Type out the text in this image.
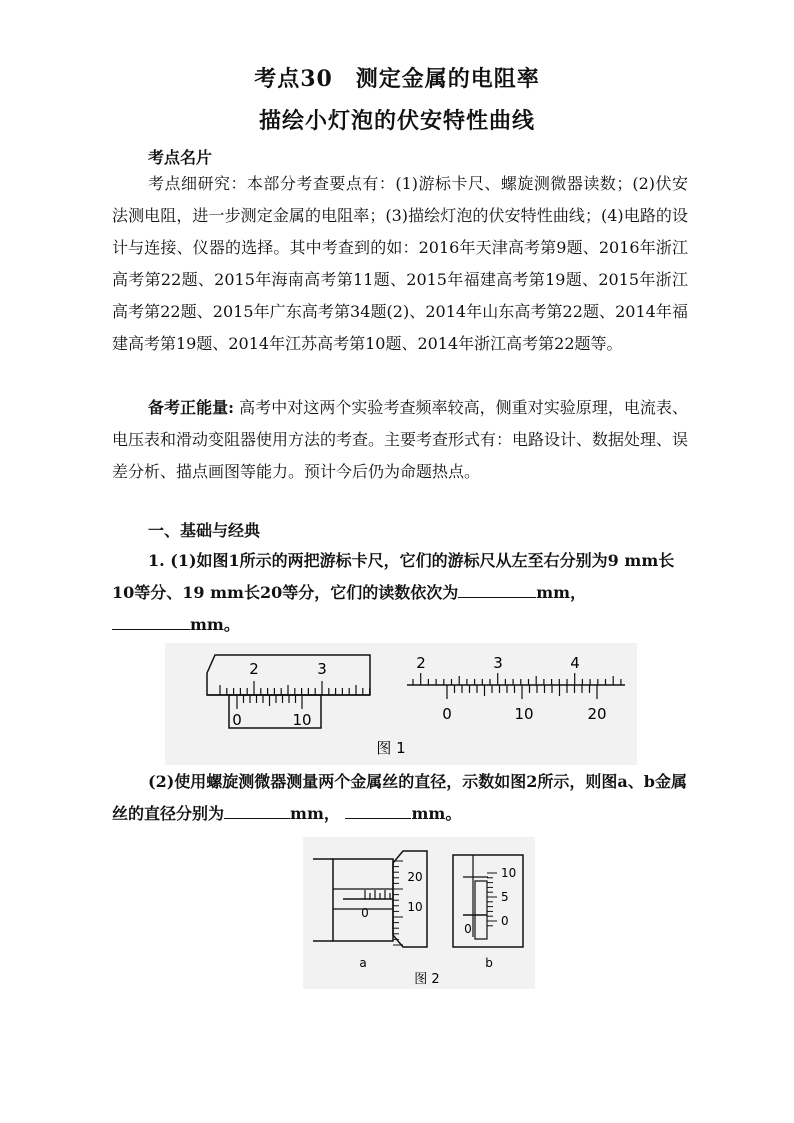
考点30　测定金属的电阻率
描绘小灯泡的伏安特性曲线
考点名片
考点细研究：本部分考查要点有：(1)游标卡尺、螺旋测微器读数；(2)伏安法测电阻，进一步测定金属的电阻率；(3)描绘灯泡的伏安特性曲线；(4)电路的设计与连接、仪器的选择。其中考查到的如：2016年天津高考第9题、2016年浙江高考第22题、2015年海南高考第11题、2015年福建高考第19题、2015年浙江高考第22题、2015年广东高考第34题(2)、2014年山东高考第22题、2014年福建高考第19题、2014年江苏高考第10题、2014年浙江高考第22题等。
备考正能量: 高考中对这两个实验考查频率较高，侧重对实验原理，电流表、电压表和滑动变阻器使用方法的考查。主要考查形式有：电路设计、数据处理、误差分析、描点画图等能力。预计今后仍为命题热点。
一、基础与经典
1. (1)如图1所示的两把游标卡尺，它们的游标尺从左至右分别为9 mm长10等分、19 mm长20等分，它们的读数依次为	mm，
mm。
2	3
0	10
2	3	4
0	10	20
图 1
(2)使用螺旋测微器测量两个金属丝的直径，示数如图2所示，则图a、b金属丝的直径分别为	mm，	mm。
0
20
10
a
0
10
5
0
b
图 2
